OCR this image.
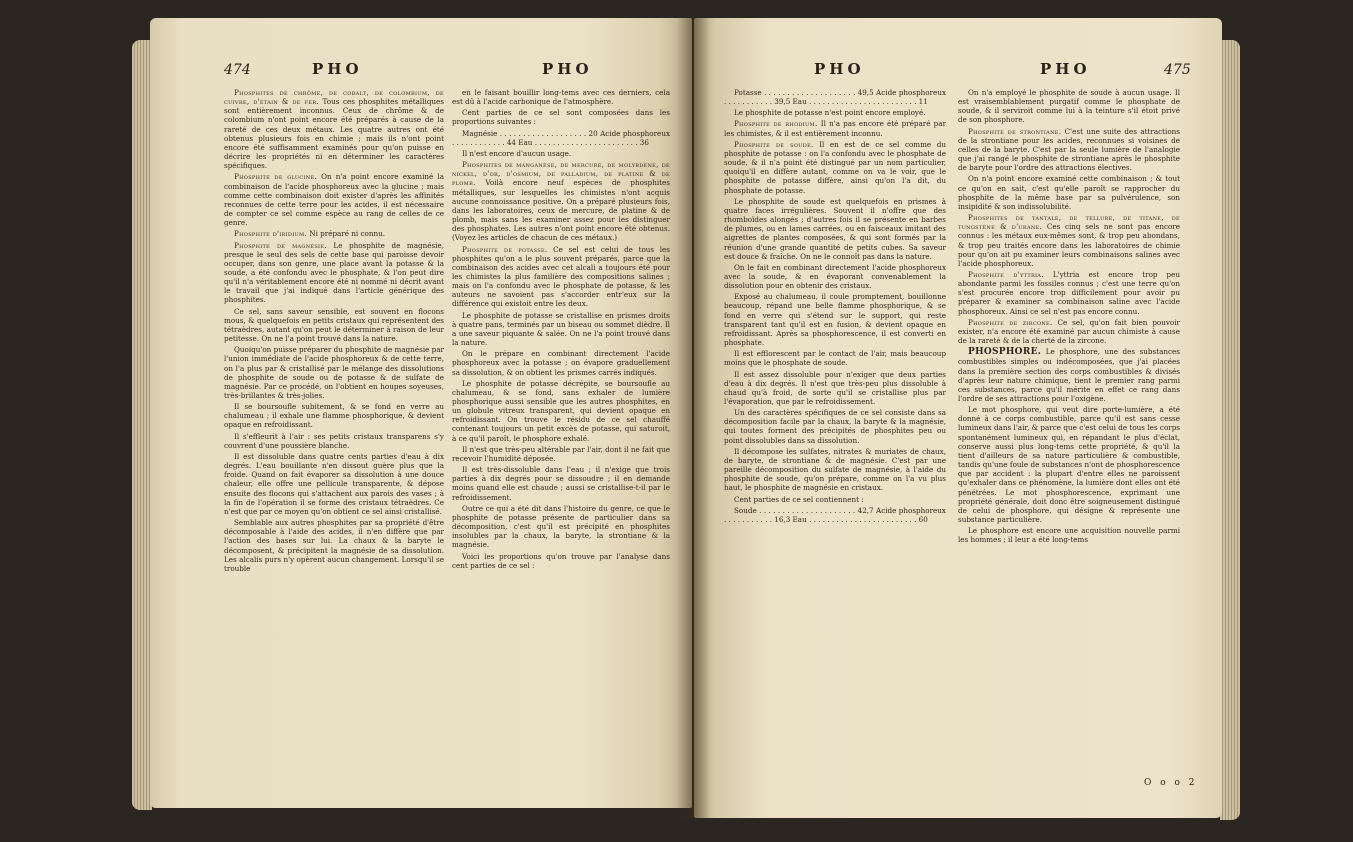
474	PHO	PHO

Phosphites de chrôme, de cobalt, de colombium, de cuivre, d'étain & de fer. Tous ces phosphites métalliques sont entièrement inconnus. Ceux de chrôme & de colombium n'ont point encore été préparés à cause de la rareté de ces deux métaux. Les quatre autres ont été obtenus plusieurs fois en chimie ; mais ils n'ont point encore été suffisamment examinés pour qu'on puisse en décrire les propriétés ni en déterminer les caractères spécifiques.

Phosphite de glucine. On n'a point encore examiné la combinaison de l'acide phosphoreux avec la glucine ; mais comme cette combinaison doit exister d'après les affinités reconnues de cette terre pour les acides, il est nécessaire de compter ce sel comme espèce au rang de celles de ce genre.

Phosphite d'iridium. Ni préparé ni connu.

Phosphite de magnésie. Le phosphite de magnésie, presque le seul des sels de cette base qui paroisse devoir occuper, dans son genre, une place avant la potasse & la soude, a été confondu avec le phosphate, & l'on peut dire qu'il n'a véritablement encore été ni nommé ni décrit avant le travail que j'ai indiqué dans l'article générique des phosphites.

Ce sel, sans saveur sensible, est souvent en flocons mous, & quelquefois en petits cristaux qui représentent des tétraèdres, autant qu'on peut le déterminer à raison de leur petitesse. On ne l'a point trouvé dans la nature.

Quoiqu'on puisse préparer du phosphite de magnésie par l'union immédiate de l'acide phosphoreux & de cette terre, on l'a plus par & cristallisé par le mélange des dissolutions de phosphite de soude ou de potasse & de sulfate de magnésie. Par ce procédé, on l'obtient en houpes soyeuses, très-brillantes & très-jolies.

Il se boursoufle subitement, & se fond en verre au chalumeau ; il exhale une flamme phosphorique, & devient opaque en refroidissant.

Il s'effleurit à l'air : ses petits cristaux transparens s'y couvrent d'une poussière blanche.

Il est dissoluble dans quatre cents parties d'eau à dix degrés. L'eau bouillante n'en dissout guère plus que la froide. Quand on fait évaporer sa dissolution à une douce chaleur, elle offre une pellicule transparente, & dépose ensuite des flocons qui s'attachent aux parois des vases ; à la fin de l'opération il se forme des cristaux tétraèdres. Ce n'est que par ce moyen qu'on obtient ce sel ainsi cristallisé.

Semblable aux autres phosphites par sa propriété d'être décomposable à l'aide des acides, il n'en diffère que par l'action des bases sur lui. La chaux & la baryte le décomposent, & précipitent la magnésie de sa dissolution. Les alcalis purs n'y opèrent aucun changement. Lorsqu'il se trouble

en le faisant bouillir long-tems avec ces derniers, cela est dû à l'acide carbonique de l'atmosphère.

Cent parties de ce sel sont composées dans les proportions suivantes :

Magnésie . . . . . . . . . . . . . . . . . . . 20 Acide phosphoreux . . . . . . . . . . . . 44 Eau . . . . . . . . . . . . . . . . . . . . . . . 36

Il n'est encore d'aucun usage.

Phosphites de manganèse, de mercure, de molybdène, de nickel, d'or, d'osmium, de palladium, de platine & de plomb. Voilà encore neuf espèces de phosphites métalliques, sur lesquelles les chimistes n'ont acquis aucune connoissance positive. On a préparé plusieurs fois, dans les laboratoires, ceux de mercure, de platine & de plomb, mais sans les examiner assez pour les distinguer des phosphates. Les autres n'ont point encore été obtenus. (Voyez les articles de chacun de ces métaux.)

Phosphite de potasse. Ce sel est celui de tous les phosphites qu'on a le plus souvent préparés, parce que la combinaison des acides avec cet alcali a toujours été pour les chimistes la plus familière des compositions salines ; mais on l'a confondu avec le phosphate de potasse, & les auteurs ne savoient pas s'accorder entr'eux sur la différence qui existoit entre les deux.

Le phosphite de potasse se cristallise en prismes droits à quatre pans, terminés par un biseau ou sommet dièdre. Il a une saveur piquante & salée. On ne l'a point trouvé dans la nature.

On le prépare en combinant directement l'acide phosphoreux avec la potasse ; on évapore graduellement sa dissolution, & on obtient les prismes carrés indiqués.

Le phosphite de potasse décrépite, se boursoufle au chalumeau, & se fond, sans exhaler de lumière phosphorique aussi sensible que les autres phosphites, en un globule vitreux transparent, qui devient opaque en refroidissant. On trouve le résidu de ce sel chauffé contenant toujours un petit excès de potasse, qui saturoit, à ce qu'il paroît, le phosphore exhalé.

Il n'est que très-peu altérable par l'air, dont il ne fait que recevoir l'humidité déposée.

Il est très-dissoluble dans l'eau ; il n'exige que trois parties à dix degrés pour se dissoudre ; il en demande moins quand elle est chaude ; aussi se cristallise-t-il par le refroidissement.

Outre ce qui a été dit dans l'histoire du genre, ce que le phosphite de potasse présente de particulier dans sa décomposition, c'est qu'il est précipité en phosphites insolubles par la chaux, la baryte, la strontiane & la magnésie.

Voici les proportions qu'on trouve par l'analyse dans cent parties de ce sel :

PHO	PHO	475

Potasse . . . . . . . . . . . . . . . . . . . . 49,5 Acide phosphoreux . . . . . . . . . . . 39,5 Eau . . . . . . . . . . . . . . . . . . . . . . . . 11

Le phosphite de potasse n'est point encore employé.

Phosphite de rhodium. Il n'a pas encore été préparé par les chimistes, & il est entièrement inconnu.

Phosphite de soude. Il en est de ce sel comme du phosphite de potasse : on l'a confondu avec le phosphate de soude, & il n'a point été distingué par un nom particulier, quoiqu'il en diffère autant, comme on va le voir, que le phosphite de potasse diffère, ainsi qu'on l'a dit, du phosphate de potasse.

Le phosphite de soude est quelquefois en prismes à quatre faces irrégulières. Souvent il n'offre que des rhomboïdes alongés ; d'autres fois il se présente en barbes de plumes, ou en lames carrées, ou en faisceaux imitant des aigrettes de plantes composées, & qui sont formés par la réunion d'une grande quantité de petits cubes. Sa saveur est douce & fraîche. On ne le connoît pas dans la nature.

On le fait en combinant directement l'acide phosphoreux avec la soude, & en évaporant convenablement la dissolution pour en obtenir des cristaux.

Exposé au chalumeau, il coule promptement, bouillonne beaucoup, répand une belle flamme phosphorique, & se fond en verre qui s'étend sur le support, qui reste transparent tant qu'il est en fusion, & devient opaque en refroidissant. Après sa phosphorescence, il est converti en phosphate.

Il est efflorescent par le contact de l'air, mais beaucoup moins que le phosphate de soude.

Il est assez dissoluble pour n'exiger que deux parties d'eau à dix degrés. Il n'est que très-peu plus dissoluble à chaud qu'à froid, de sorte qu'il se cristallise plus par l'évaporation, que par le refroidissement.

Un des caractères spécifiques de ce sel consiste dans sa décomposition facile par la chaux, la baryte & la magnésie, qui toutes forment des précipités de phosphites peu ou point dissolubles dans sa dissolution.

Il décompose les sulfates, nitrates & muriates de chaux, de baryte, de strontiane & de magnésie. C'est par une pareille décomposition du sulfate de magnésie, à l'aide du phosphite de soude, qu'on prépare, comme on l'a vu plus haut, le phosphite de magnésie en cristaux.

Cent parties de ce sel contiennent :

Soude . . . . . . . . . . . . . . . . . . . . . 42,7 Acide phosphoreux . . . . . . . . . . . 16,3 Eau . . . . . . . . . . . . . . . . . . . . . . . . 60

On n'a employé le phosphite de soude à aucun usage. Il est vraisemblablement purgatif comme le phosphate de soude, & il serviroit comme lui à la teinture s'il étoit privé de son phosphore.

Phosphite de strontiane. C'est une suite des attractions de la strontiane pour les acides, reconnues si voisines de celles de la baryte. C'est par la seule lumière de l'analogie que j'ai rangé le phosphite de strontiane après le phosphite de baryte pour l'ordre des attractions électives.

On n'a point encore examiné cette combinaison ; & tout ce qu'on en sait, c'est qu'elle paroît se rapprocher du phosphite de la même base par sa pulvérulence, son insipidité & son indissolubilité.

Phosphites de tantale, de tellure, de titane, de tungstène & d'urane. Ces cinq sels ne sont pas encore connus : les métaux eux-mêmes sont, & trop peu abondans, & trop peu traités encore dans les laboratoires de chimie pour qu'on ait pu examiner leurs combinaisons salines avec l'acide phosphoreux.

Phosphite d'yttria. L'yttria est encore trop peu abondante parmi les fossiles connus ; c'est une terre qu'on s'est procurée encore trop difficilement pour avoir pu préparer & examiner sa combinaison saline avec l'acide phosphoreux. Ainsi ce sel n'est pas encore connu.

Phosphite de zircone. Ce sel, qu'on fait bien pouvoir exister, n'a encore été examiné par aucun chimiste à cause de la rareté & de la cherté de la zircone.

PHOSPHORE. Le phosphore, une des substances combustibles simples ou indécomposées, que j'ai placées dans la première section des corps combustibles & divisés d'après leur nature chimique, tient le premier rang parmi ces substances, parce qu'il mérite en effet ce rang dans l'ordre de ses attractions pour l'oxigène.

Le mot phosphore, qui veut dire porte-lumière, a été donné à ce corps combustible, parce qu'il est sans cesse lumineux dans l'air, & parce que c'est celui de tous les corps spontanément lumineux qui, en répandant le plus d'éclat, conserve aussi plus long-tems cette propriété, & qu'il la tient d'ailleurs de sa nature particulière & combustible, tandis qu'une foule de substances n'ont de phosphorescence que par accident : la plupart d'entre elles ne paroissent qu'exhaler dans ce phénomène, la lumière dont elles ont été pénétrées. Le mot phosphorescence, exprimant une propriété générale, doit donc être soigneusement distingué de celui de phosphore, qui désigne & représente une substance particulière.

Le phosphore est encore une acquisition nouvelle parmi les hommes ; il leur a été long-tems

O o o 2
